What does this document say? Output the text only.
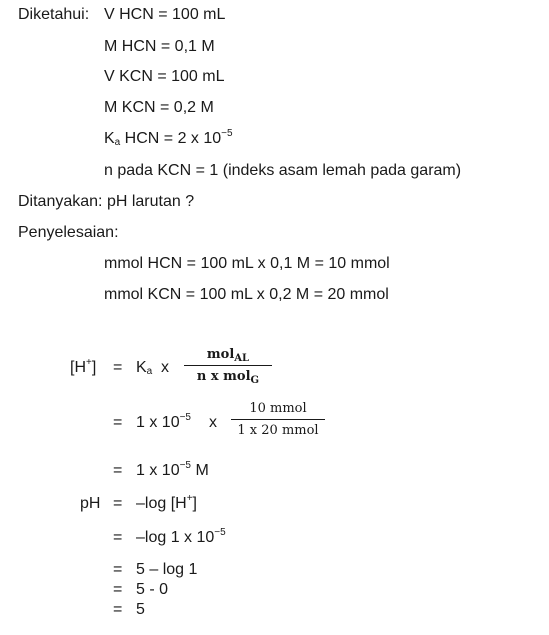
Diketahui: V HCN = 100 mL
M HCN = 0,1 M
V KCN = 100 mL
M KCN = 0,2 M
$K_a$ HCN = 2 x $10^{-5}$
n pada KCN = 1 (indeks asam lemah pada garam)
Ditanyakan: pH larutan ?
Penyelesaian:
mmol HCN = 100 mL x 0,1 M = 10 mmol
mmol KCN = 100 mL x 0,2 M = 20 mmol
$[H^+] = K_a$ x
mol$_{AL}$
n x mol$_G$
= 1 x $10^{-5}$ x
10 mmol
1 x 20 mmol
= 1 x $10^{-5}$ M
pH = –log [H+]
= –log 1 x $10^{-5}$
= 5 – log 1
= 5 - 0
= 5
